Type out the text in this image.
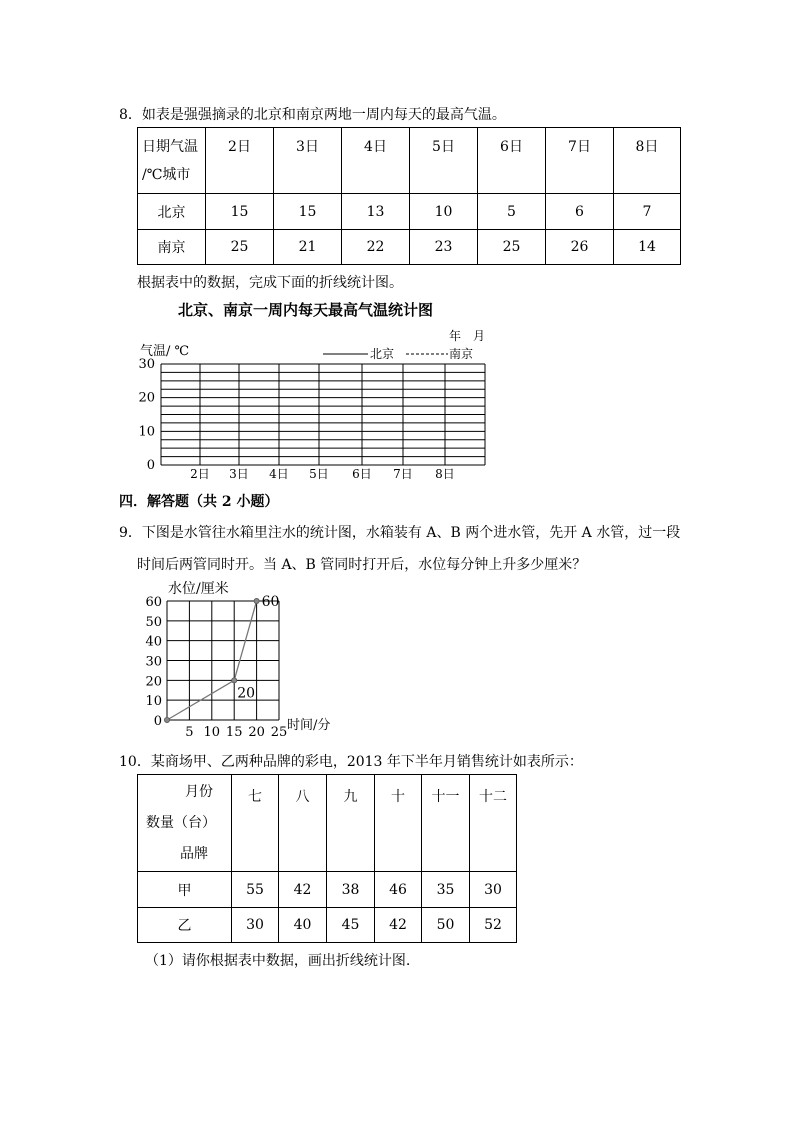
8．如表是强强摘录的北京和南京两地一周内每天的最高气温。
日期气温
/℃城市	2日	3日	4日	5日	6日	7日	8日
北京	15	15	13	10	5	6	7
南京	25	21	22	23	25	26	14
根据表中的数据，完成下面的折线统计图。
北京、南京一周内每天最高气温统计图
年　月
气温/ ℃	北京	南京
30
20
10
0
2日 3日 4日 5日 6日 7日 8日
四．解答题（共 2 小题）
9．下图是水管往水箱里注水的统计图，水箱装有 A、B 两个进水管，先开 A 水管，过一段
时间后两管同时开。当 A、B 管同时打开后，水位每分钟上升多少厘米？
水位/厘米
时间/分
60
50
40
30
20
10
0
5 10 15 20 25
20
60
10．某商场甲、乙两种品牌的彩电，2013 年下半年月销售统计如表所示：
月份
数量（台）
品牌	七	八	九	十	十一	十二
甲	55	42	38	46	35	30
乙	30	40	45	42	50	52
（1）请你根据表中数据，画出折线统计图.
